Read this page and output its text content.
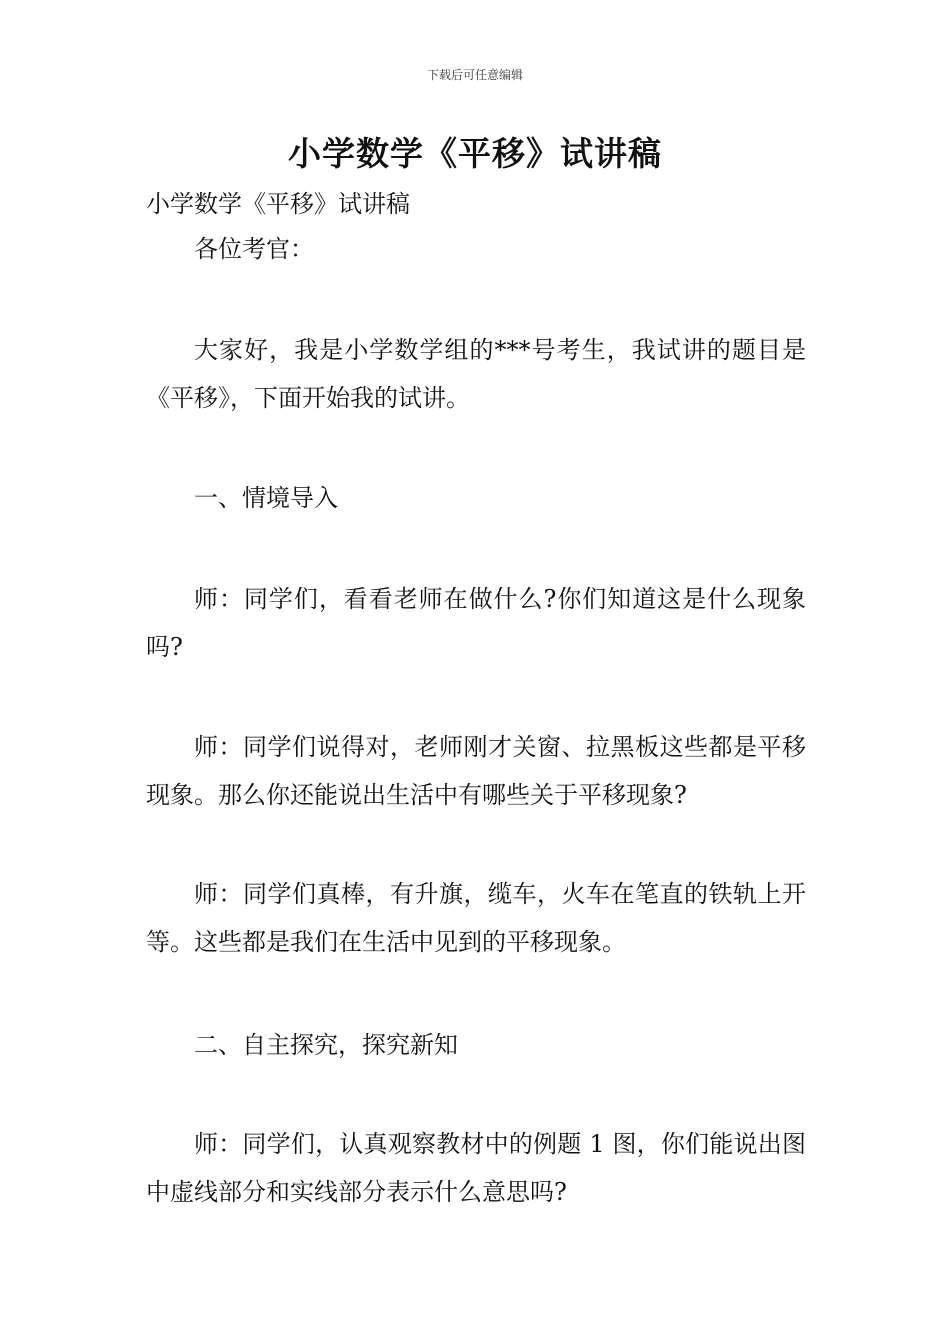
下载后可任意编辑
小学数学《平移》试讲稿

小学数学《平移》试讲稿

各位考官：

大家好，我是小学数学组的***号考生，我试讲的题目是《平移》，下面开始我的试讲。

一、情境导入

师：同学们，看看老师在做什么?你们知道这是什么现象吗?

师：同学们说得对，老师刚才关窗、拉黑板这些都是平移现象。那么你还能说出生活中有哪些关于平移现象?

师：同学们真棒，有升旗，缆车，火车在笔直的铁轨上开等。这些都是我们在生活中见到的平移现象。

二、自主探究，探究新知

师：同学们，认真观察教材中的例题 1 图，你们能说出图中虚线部分和实线部分表示什么意思吗?
